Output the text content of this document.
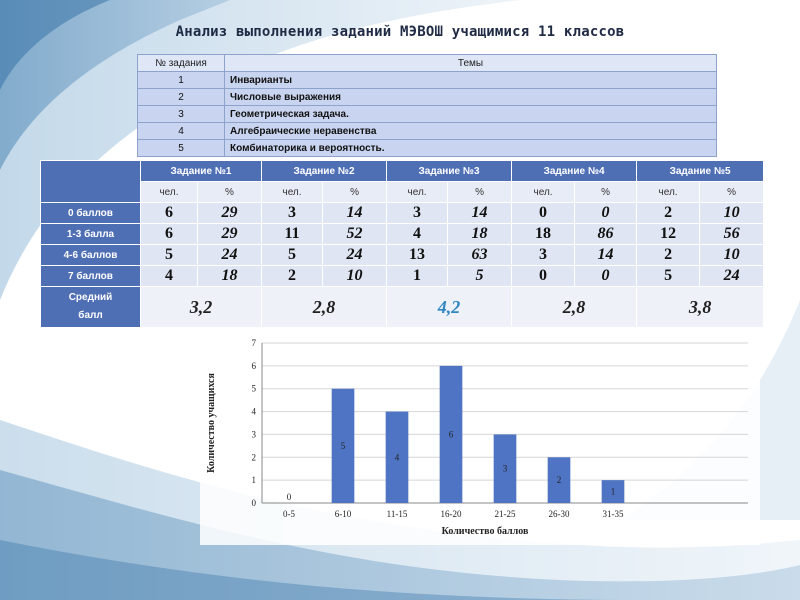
Анализ выполнения заданий МЭВОШ учащимися 11 классов
№ задания	Темы
1	Инварианты
2	Числовые выражения
3	Геометрическая задача.
4	Алгебраические неравенства
5	Комбинаторика и вероятность.
	Задание №1		Задание №2		Задание №3		Задание №4		Задание №5	
	чел.	%	чел.	%	чел.	%	чел.	%	чел.	%
0 баллов	6	29	3	14	3	14	0	0	2	10
1-3 балла	6	29	11	52	4	18	18	86	12	56
4-6 баллов	5	24	5	24	13	63	3	14	2	10
7 баллов	4	18	2	10	1	5	0	0	5	24
Средний
балл	3,2		2,8		4,2		2,8		3,8	
0
1
2
3
4
5
6
7
0-5
0
6-10
5
11-15
4
16-20
6
21-25
3
26-30
2
31-35
1
Количество баллов
Количество учащихся
